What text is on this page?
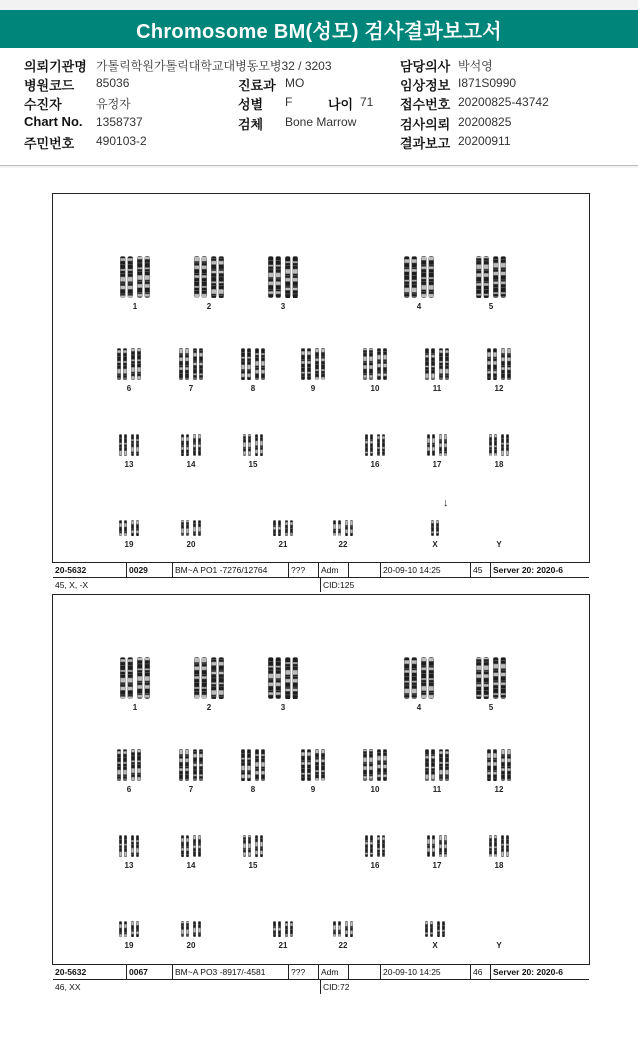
Chromosome BM(성모) 검사결과보고서
의뢰기관명 가톨릭학원가톨릭대학교대병동모병32 / 3203
병원코드 85036
수진자	유정자
Chart No. 1358737
주민번호 490103-2
진료과 MO
성별 F	나이 71
검체 Bone Marrow
담당의사 박석영
임상정보 I871S0990
접수번호 20200825-43742
검사의뢰 20200825
결과보고 20200911
1	2	3	4	5
6	7	8	9	10	11	12
13	14	15	16	17	18
19	20	21	22	X	Y
↓
20-5632	0029	BM~A PO1 -7276/12764	???	Adm	20-09-10 14:25	45	Server 20: 2020-6
45, X, -X	CID:125
1	2	3	4	5
6	7	8	9	10	11	12
13	14	15	16	17	18
19	20	21	22	X	Y
20-5632	0067	BM~A PO3 -8917/-4581	???	Adm	20-09-10 14:25	46	Server 20: 2020-6
46, XX	CID:72
